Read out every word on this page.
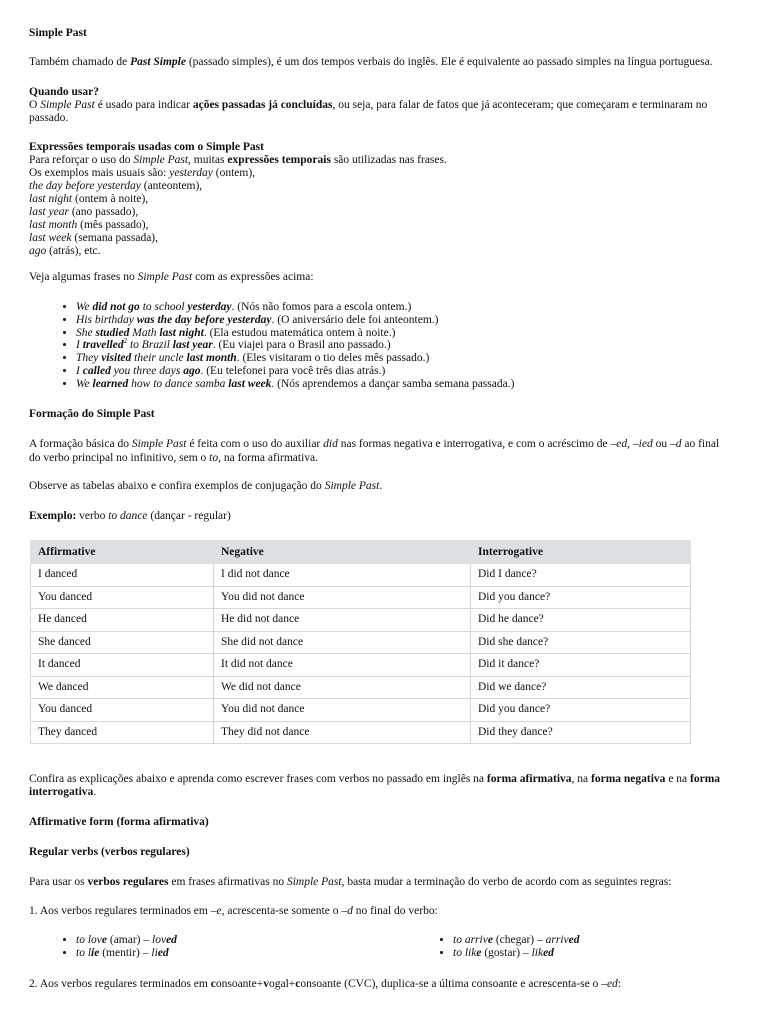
Simple Past

Também chamado de Past Simple (passado simples), é um dos tempos verbais do inglês. Ele é equivalente ao passado simples na língua portuguesa.

Quando usar?
O Simple Past é usado para indicar ações passadas já concluídas, ou seja, para falar de fatos que já aconteceram; que começaram e terminaram no passado.
Expressões temporais usadas com o Simple Past
Para reforçar o uso do Simple Past, muitas expressões temporais são utilizadas nas frases.
Os exemplos mais usuais são: yesterday (ontem),
the day before yesterday (anteontem),
last night (ontem à noite),
last year (ano passado),
last month (mês passado),
last week (semana passada),
ago (atrás), etc.

Veja algumas frases no Simple Past com as expressões acima:

• We did not go to school yesterday. (Nós não fomos para a escola ontem.)
• His birthday was the day before yesterday. (O aniversário dele foi anteontem.)
• She studied Math last night. (Ela estudou matemática ontem à noite.)
• I travelled$^2$ to Brazil last year. (Eu viajei para o Brasil ano passado.)
• They visited their uncle last month. (Eles visitaram o tio deles mês passado.)
• I called you three days ago. (Eu telefonei para você três dias atrás.)
• We learned how to dance samba last week. (Nós aprendemos a dançar samba semana passada.)

Formação do Simple Past

A formação básica do Simple Past é feita com o uso do auxiliar did nas formas negativa e interrogativa, e com o acréscimo de –ed, –ied ou –d ao final do verbo principal no infinitivo, sem o to, na forma afirmativa.

Observe as tabelas abaixo e confira exemplos de conjugação do Simple Past.

Exemplo: verbo to dance (dançar - regular)

Affirmative	Negative	Interrogative
I danced	I did not dance	Did I dance?
You danced	You did not dance	Did you dance?
He danced	He did not dance	Did he dance?
She danced	She did not dance	Did she dance?
It danced	It did not dance	Did it dance?
We danced	We did not dance	Did we dance?
You danced	You did not dance	Did you dance?
They danced	They did not dance	Did they dance?

Confira as explicações abaixo e aprenda como escrever frases com verbos no passado em inglês na forma afirmativa, na forma negativa e na forma interrogativa.

Affirmative form (forma afirmativa)

Regular verbs (verbos regulares)

Para usar os verbos regulares em frases afirmativas no Simple Past, basta mudar a terminação do verbo de acordo com as seguintes regras:

1. Aos verbos regulares terminados em –e, acrescenta-se somente o –d no final do verbo:

• to love (amar) – loved
• to lie (mentir) – lied
• to arrive (chegar) – arrived
• to like (gostar) – liked

2. Aos verbos regulares terminados em consoante+vogal+consoante (CVC), duplica-se a última consoante e acrescenta-se o –ed:
